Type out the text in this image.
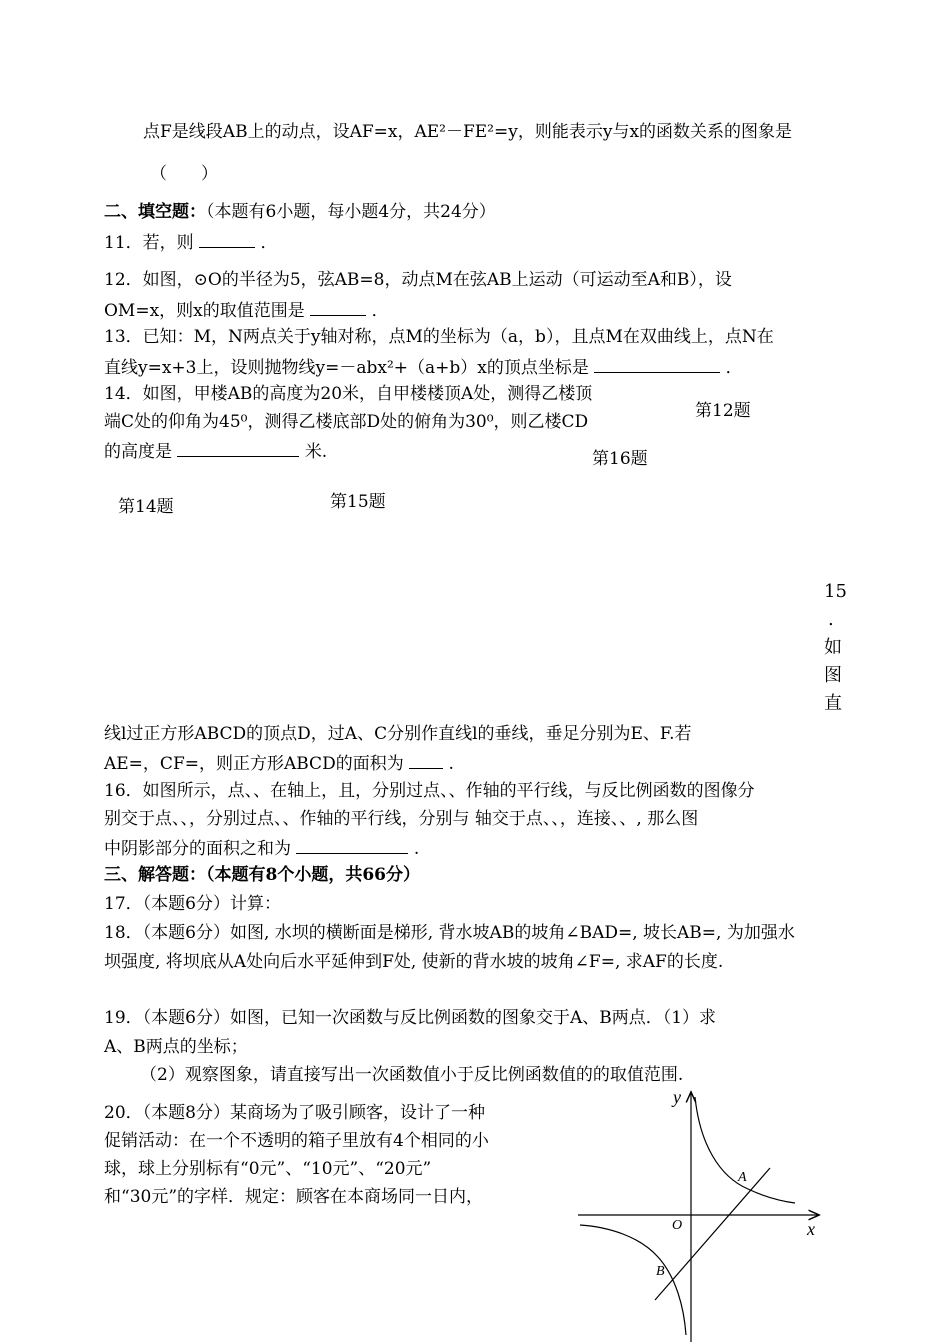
点F是线段AB上的动点，设AF=x，AE²－FE²=y，则能表示y与x的函数关系的图象是
（　　）
二、填空题：（本题有6小题，每小题4分，共24分）
11．若，则	．
12．如图，⊙O的半径为5，弦AB=8，动点M在弦AB上运动（可运动至A和B），设
OM=x，则x的取值范围是	．
13．已知：M，N两点关于y轴对称，点M的坐标为（a，b），且点M在双曲线上，点N在
直线y=x+3上，设则抛物线y=－abx²+（a+b）x的顶点坐标是	．
14．如图，甲楼AB的高度为20米，自甲楼楼顶A处，测得乙楼顶
端C处的仰角为45⁰，测得乙楼底部D处的俯角为30⁰，则乙楼CD
的高度是	米.
第12题
第16题
第14题	第15题
15
.
如
图
直
线l过正方形ABCD的顶点D，过A、C分别作直线l的垂线，垂足分别为E、F.若
AE=，CF=，则正方形ABCD的面积为	.
16．如图所示，点、、在轴上，且，分别过点、、作轴的平行线，与反比例函数的图像分
别交于点、、，分别过点、、作轴的平行线，分别与 轴交于点、、，连接、、, 那么图
中阴影部分的面积之和为	.
三、解答题：（本题有8个小题，共66分）
17．（本题6分）计算：
18．（本题6分）如图, 水坝的横断面是梯形, 背水坡AB的坡角∠BAD=, 坡长AB=, 为加强水
坝强度, 将坝底从A处向后水平延伸到F处, 使新的背水坡的坡角∠F=, 求AF的长度.
19．（本题6分）如图，已知一次函数与反比例函数的图象交于A、B两点．（1）求
A、B两点的坐标；
（2）观察图象，请直接写出一次函数值小于反比例函数值的的取值范围.
20．（本题8分）某商场为了吸引顾客，设计了一种
促销活动：在一个不透明的箱子里放有4个相同的小
球，球上分别标有“0元”、“10元”、“20元”
和“30元”的字样．规定：顾客在本商场同一日内，
y
x
O
A
B
